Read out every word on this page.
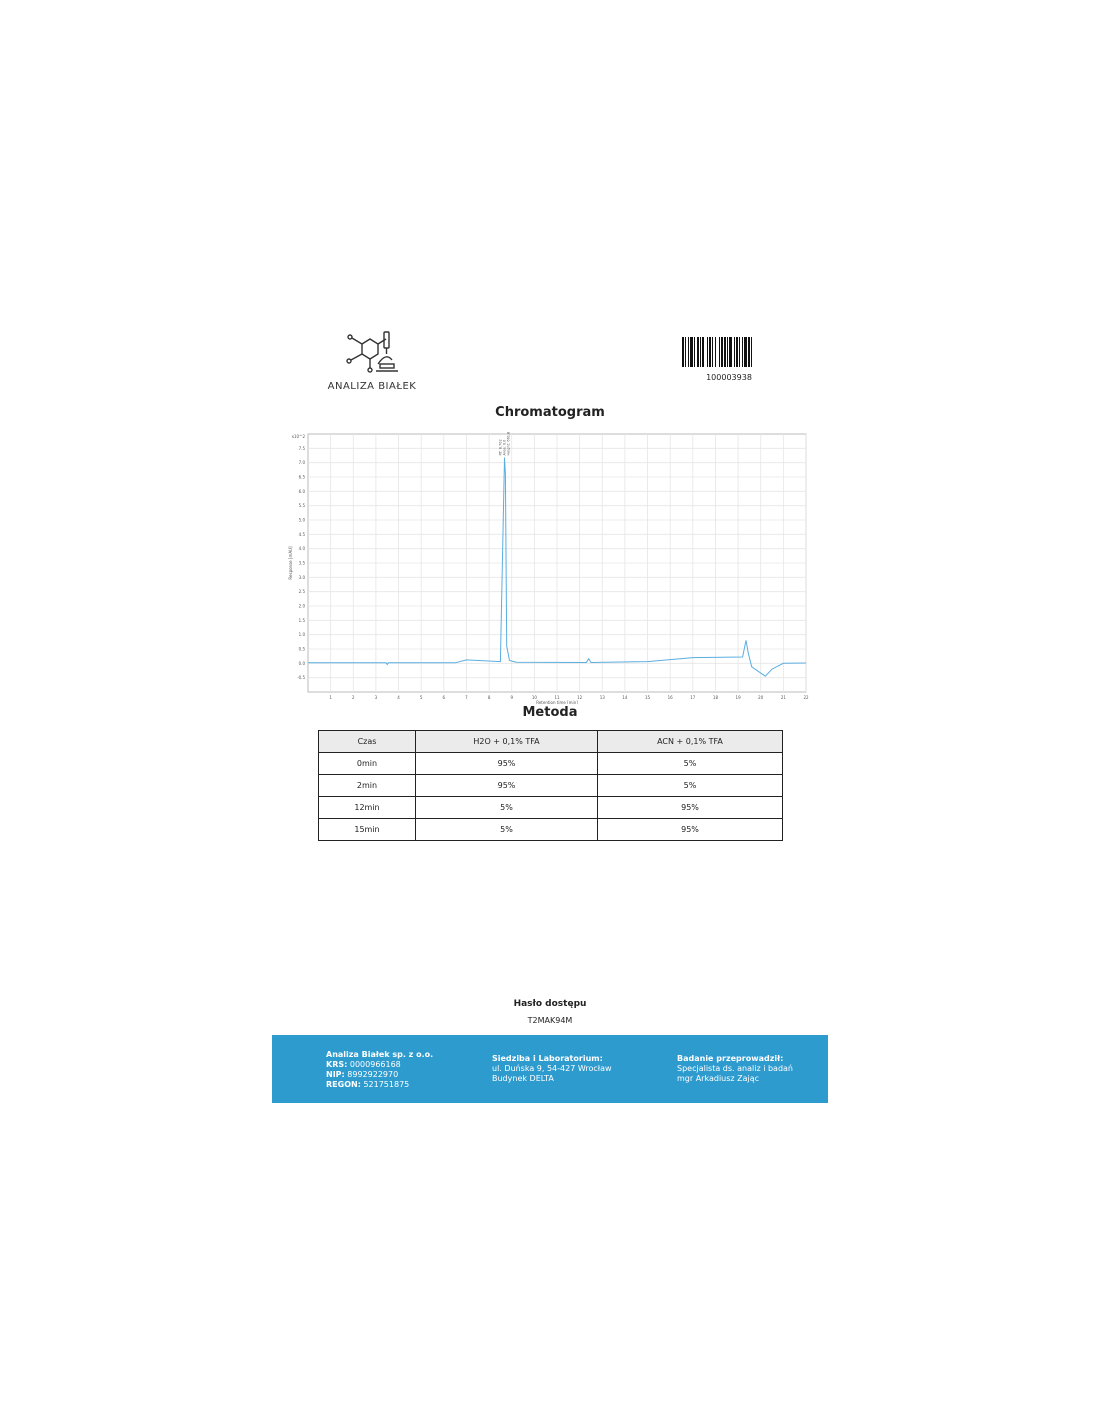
ANALIZA BIAŁEK
100003938
Chromatogram
1	2	3	4	5	6	7	8	9	10	11	12	13	14	15	16	17	18	19	20	21	22
-0.5
0.0
0.5
1.0
1.5
2.0
2.5
3.0
3.5
4.0
4.5
5.0
5.5
6.0
6.5
7.0
7.5
x10^2
Retention time [min]
Response [mAU]
RT: 8.702 Area: 0.0 Height: 661.8
Metoda
Czas	H2O + 0,1% TFA	ACN + 0,1% TFA
0min	95%	5%
2min	95%	5%
12min	5%	95%
15min	5%	95%
Hasło dostępu
T2MAK94M
Analiza Białek sp. z o.o.
KRS: 0000966168
NIP: 8992922970
REGON: 521751875
Siedziba i Laboratorium:
ul. Duńska 9, 54-427 Wrocław
Budynek DELTA
Badanie przeprowadził:
Specjalista ds. analiz i badań
mgr Arkadiusz Zając
